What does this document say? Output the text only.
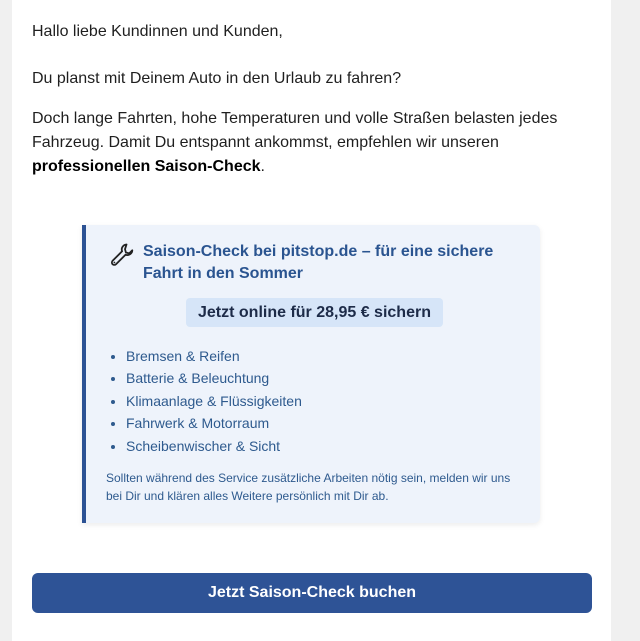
Hallo liebe Kundinnen und Kunden,

Du planst mit Deinem Auto in den Urlaub zu fahren?

Doch lange Fahrten, hohe Temperaturen und volle Straßen belasten jedes Fahrzeug. Damit Du entspannt ankommst, empfehlen wir unseren professionellen Saison-Check.

Saison-Check bei pitstop.de – für eine sichere Fahrt in den Sommer

Jetzt online für 28,95 € sichern
• Bremsen & Reifen
• Batterie & Beleuchtung
• Klimaanlage & Flüssigkeiten
• Fahrwerk & Motorraum
• Scheibenwischer & Sicht

Sollten während des Service zusätzliche Arbeiten nötig sein, melden wir uns bei Dir und klären alles Weitere persönlich mit Dir ab.

Jetzt Saison-Check buchen
